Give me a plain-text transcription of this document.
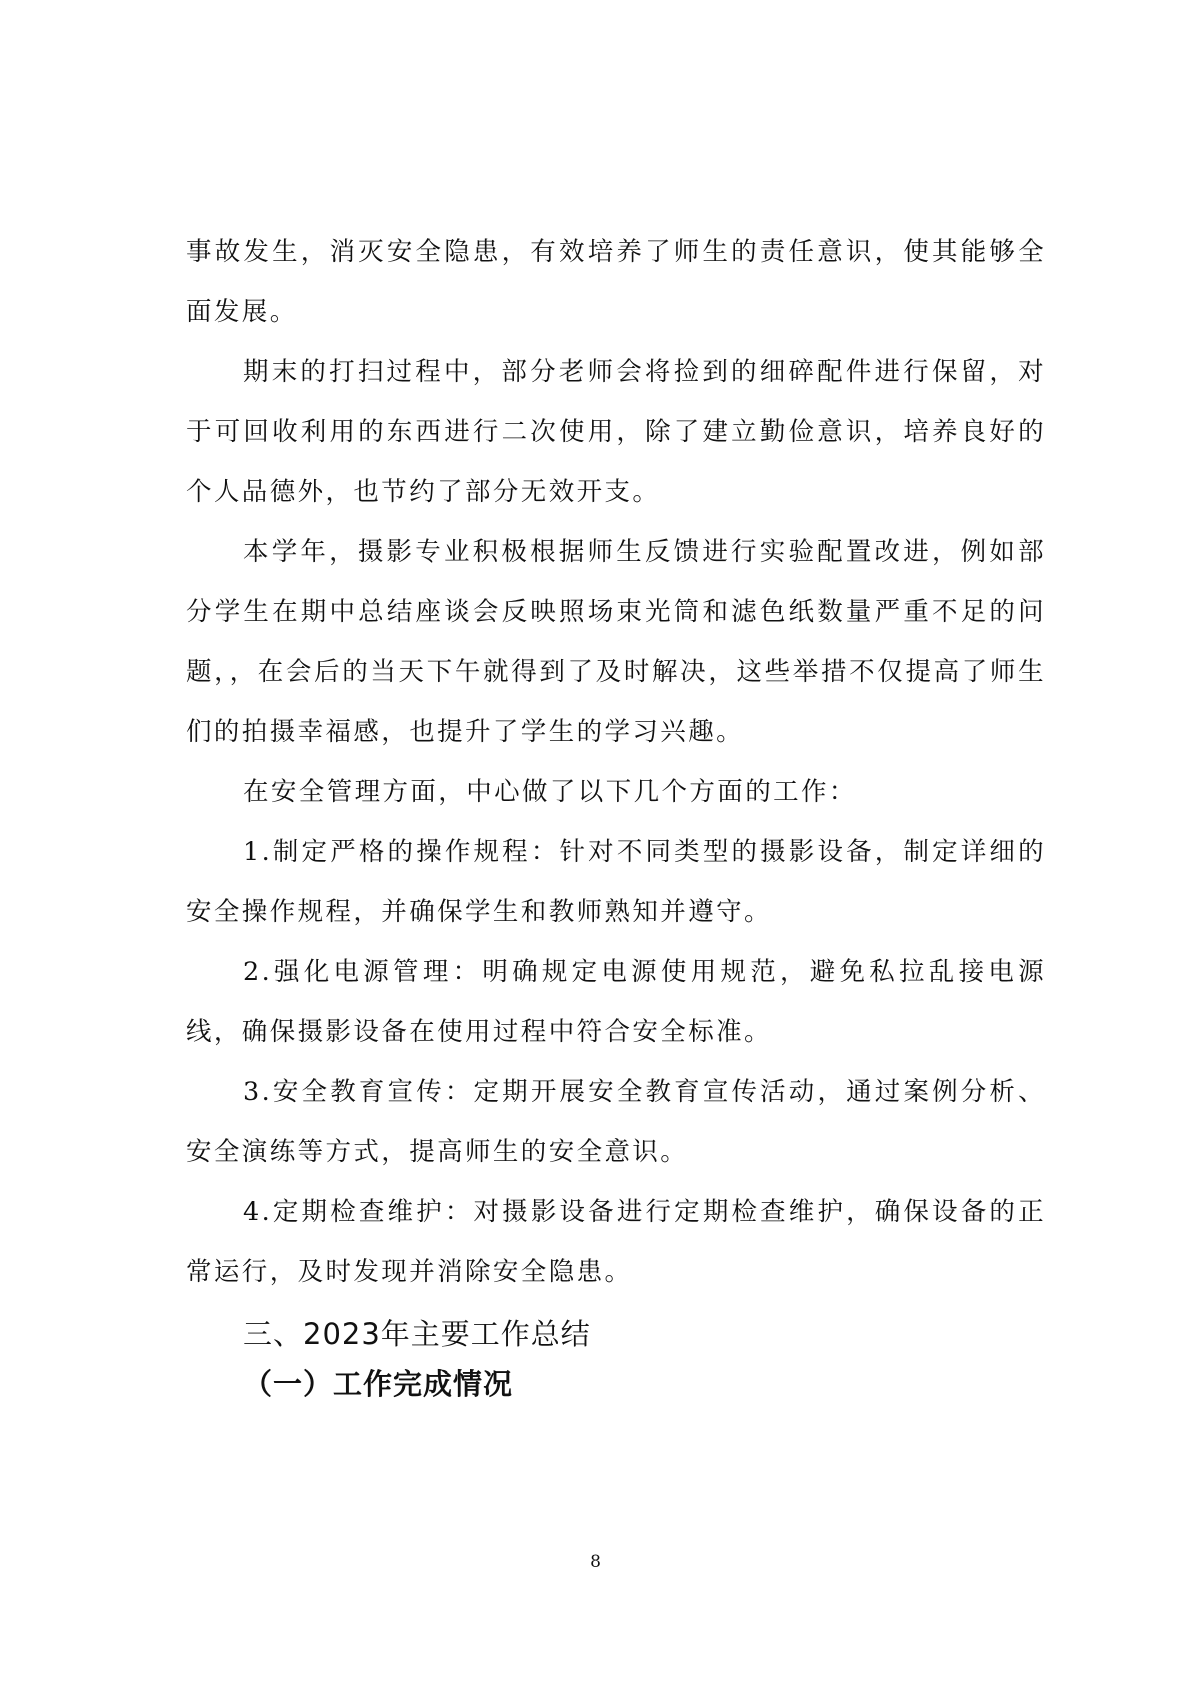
事故发生，消灭安全隐患，有效培养了师生的责任意识，使其能够全面发展。

期末的打扫过程中，部分老师会将捡到的细碎配件进行保留，对于可回收利用的东西进行二次使用，除了建立勤俭意识，培养良好的个人品德外，也节约了部分无效开支。

本学年，摄影专业积极根据师生反馈进行实验配置改进，例如部分学生在期中总结座谈会反映照场束光筒和滤色纸数量严重不足的问题，，在会后的当天下午就得到了及时解决，这些举措不仅提高了师生们的拍摄幸福感，也提升了学生的学习兴趣。

在安全管理方面，中心做了以下几个方面的工作：

1.制定严格的操作规程：针对不同类型的摄影设备，制定详细的安全操作规程，并确保学生和教师熟知并遵守。

2.强化电源管理：明确规定电源使用规范，避免私拉乱接电源线，确保摄影设备在使用过程中符合安全标准。

3.安全教育宣传：定期开展安全教育宣传活动，通过案例分析、安全演练等方式，提高师生的安全意识。

4.定期检查维护：对摄影设备进行定期检查维护，确保设备的正常运行，及时发现并消除安全隐患。

三、2023年主要工作总结
（一）工作完成情况
8
